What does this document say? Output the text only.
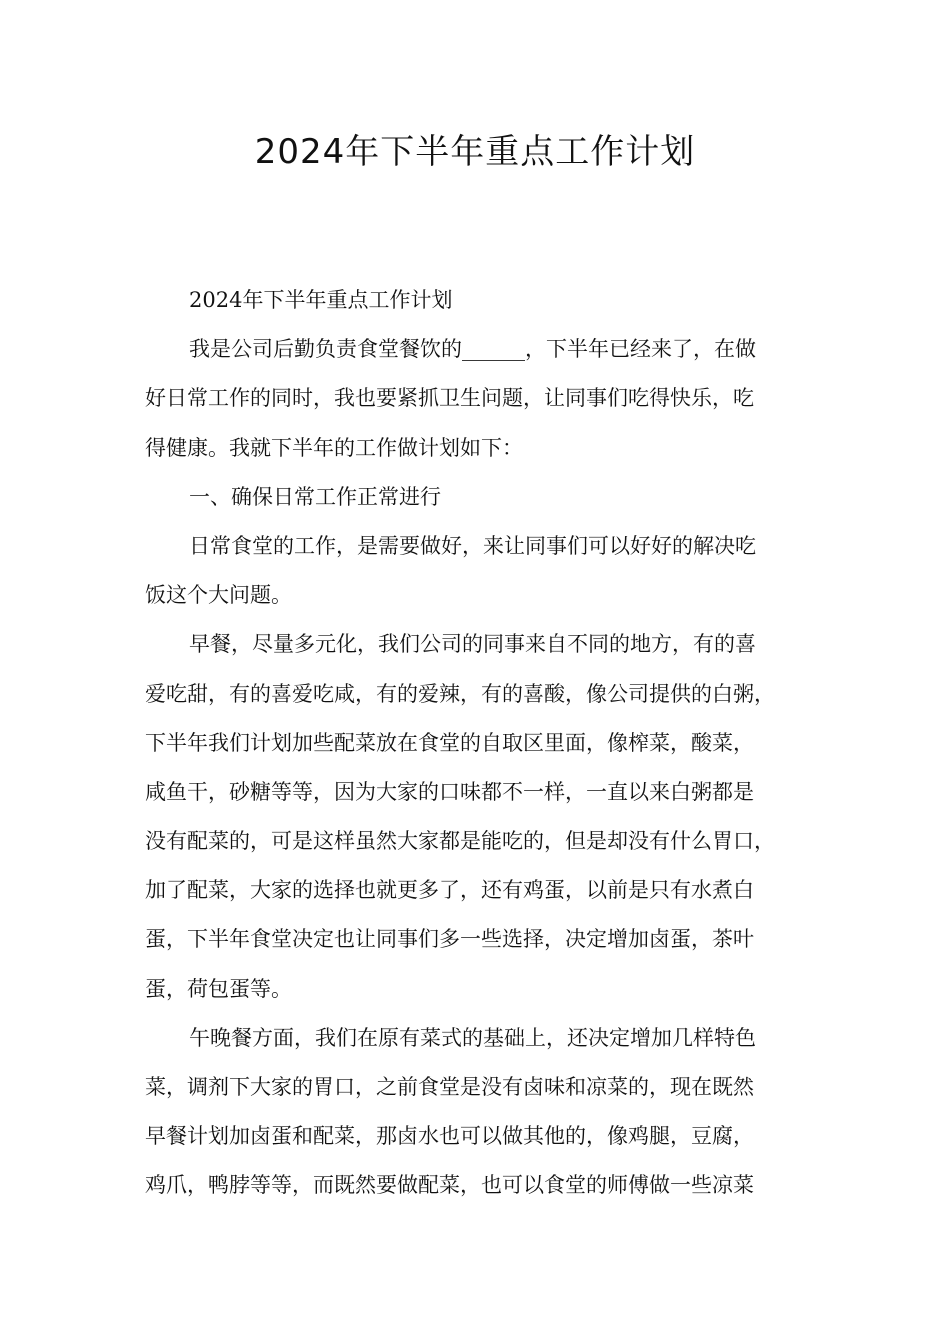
2024年下半年重点工作计划
2024年下半年重点工作计划
我是公司后勤负责食堂餐饮的______，下半年已经来了，在做
好日常工作的同时，我也要紧抓卫生问题，让同事们吃得快乐，吃
得健康。我就下半年的工作做计划如下：
一、确保日常工作正常进行
日常食堂的工作，是需要做好，来让同事们可以好好的解决吃
饭这个大问题。
早餐，尽量多元化，我们公司的同事来自不同的地方，有的喜
爱吃甜，有的喜爱吃咸，有的爱辣，有的喜酸，像公司提供的白粥，
下半年我们计划加些配菜放在食堂的自取区里面，像榨菜，酸菜，
咸鱼干，砂糖等等，因为大家的口味都不一样，一直以来白粥都是
没有配菜的，可是这样虽然大家都是能吃的，但是却没有什么胃口，
加了配菜，大家的选择也就更多了，还有鸡蛋，以前是只有水煮白
蛋，下半年食堂决定也让同事们多一些选择，决定增加卤蛋，茶叶
蛋，荷包蛋等。
午晚餐方面，我们在原有菜式的基础上，还决定增加几样特色
菜，调剂下大家的胃口，之前食堂是没有卤味和凉菜的，现在既然
早餐计划加卤蛋和配菜，那卤水也可以做其他的，像鸡腿，豆腐，
鸡爪，鸭脖等等，而既然要做配菜，也可以食堂的师傅做一些凉菜
